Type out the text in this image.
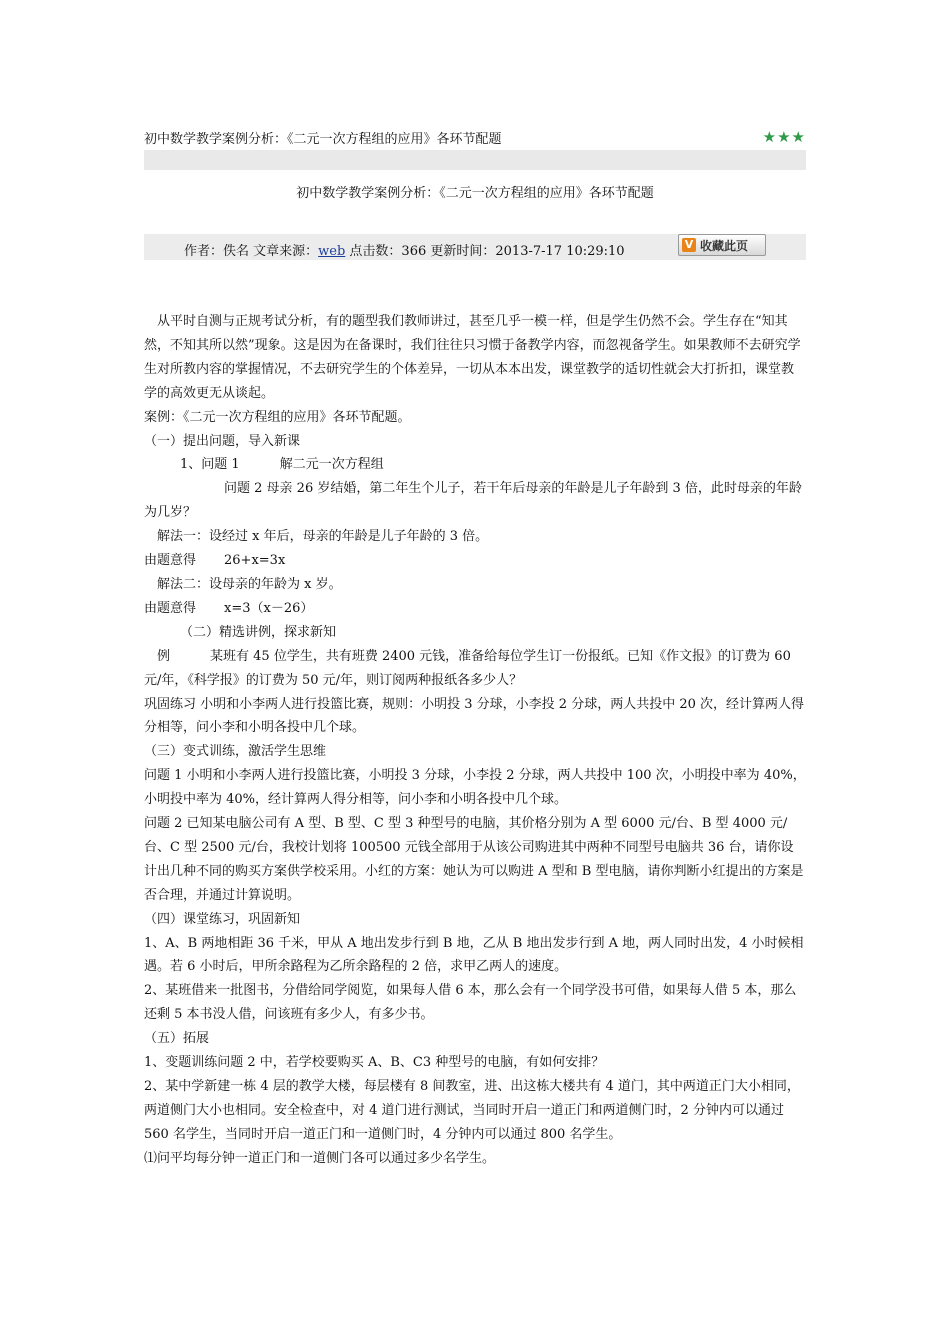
初中数学教学案例分析：《二元一次方程组的应用》各环节配题	★★★
初中数学教学案例分析：《二元一次方程组的应用》各环节配题
作者：佚名 文章来源：web 点击数：366 更新时间：2013-7-17 10:29:10	V 收藏此页

从平时自测与正规考试分析，有的题型我们教师讲过，甚至几乎一模一样，但是学生仍然不会。学生存在“知其然，不知其所以然”现象。这是因为在备课时，我们往往只习惯于备教学内容，而忽视备学生。如果教师不去研究学生对所教内容的掌握情况，不去研究学生的个体差异，一切从本本出发，课堂教学的适切性就会大打折扣，课堂教学的高效更无从谈起。

案例：《二元一次方程组的应用》各环节配题。

（一）提出问题，导入新课

1、问题 1	解二元一次方程组

问题 2 母亲 26 岁结婚，第二年生个儿子，若干年后母亲的年龄是儿子年龄到 3 倍，此时母亲的年龄为几岁？

解法一：设经过 x 年后，母亲的年龄是儿子年龄的 3 倍。

由题意得 26+x=3x

解法二：设母亲的年龄为 x 岁。

由题意得 x=3（x－26）

（二）精选讲例，探求新知

例	某班有 45 位学生，共有班费 2400 元钱，准备给每位学生订一份报纸。已知《作文报》的订费为 60 元/年，《科学报》的订费为 50 元/年，则订阅两种报纸各多少人？

巩固练习 小明和小李两人进行投篮比赛，规则：小明投 3 分球，小李投 2 分球，两人共投中 20 次，经计算两人得分相等，问小李和小明各投中几个球。

（三）变式训练，激活学生思维

问题 1 小明和小李两人进行投篮比赛，小明投 3 分球，小李投 2 分球，两人共投中 100 次，小明投中率为 40%，小明投中率为 40%，经计算两人得分相等，问小李和小明各投中几个球。

问题 2 已知某电脑公司有 A 型、B 型、C 型 3 种型号的电脑，其价格分别为 A 型 6000 元/台、B 型 4000 元/台、C 型 2500 元/台，我校计划将 100500 元钱全部用于从该公司购进其中两种不同型号电脑共 36 台，请你设计出几种不同的购买方案供学校采用。小红的方案：她认为可以购进 A 型和 B 型电脑，请你判断小红提出的方案是否合理，并通过计算说明。

（四）课堂练习，巩固新知

1、A、B 两地相距 36 千米，甲从 A 地出发步行到 B 地，乙从 B 地出发步行到 A 地，两人同时出发，4 小时候相遇。若 6 小时后，甲所余路程为乙所余路程的 2 倍，求甲乙两人的速度。

2、某班借来一批图书，分借给同学阅览，如果每人借 6 本，那么会有一个同学没书可借，如果每人借 5 本，那么还剩 5 本书没人借，问该班有多少人，有多少书。

（五）拓展

1、变题训练问题 2 中，若学校要购买 A、B、C3 种型号的电脑，有如何安排？

2、某中学新建一栋 4 层的教学大楼，每层楼有 8 间教室，进、出这栋大楼共有 4 道门，其中两道正门大小相同，两道侧门大小也相同。安全检查中，对 4 道门进行测试，当同时开启一道正门和两道侧门时，2 分钟内可以通过 560 名学生，当同时开启一道正门和一道侧门时，4 分钟内可以通过 800 名学生。

⑴问平均每分钟一道正门和一道侧门各可以通过多少名学生。
